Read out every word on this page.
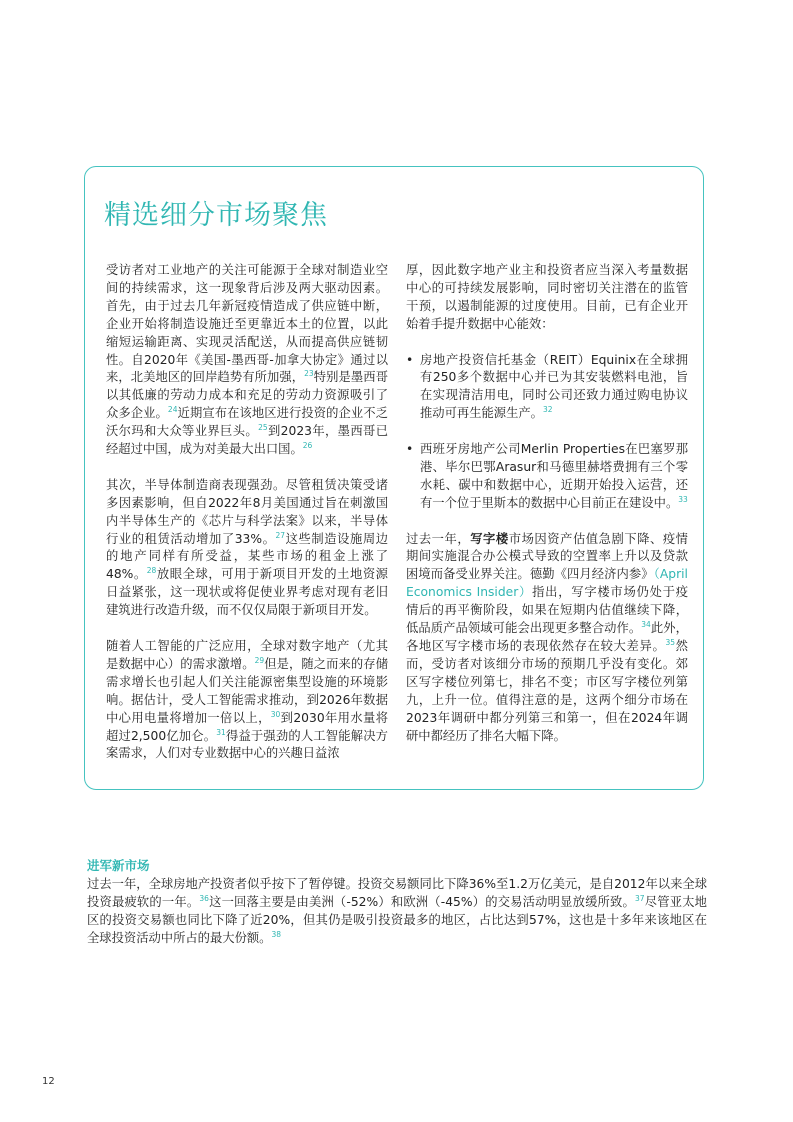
精选细分市场聚焦

受访者对工业地产的关注可能源于全球对制造业空间的持续需求，这一现象背后涉及两大驱动因素。首先，由于过去几年新冠疫情造成了供应链中断，企业开始将制造设施迁至更靠近本土的位置，以此缩短运输距离、实现灵活配送，从而提高供应链韧性。自2020年《美国-墨西哥-加拿大协定》通过以来，北美地区的回岸趋势有所加强，$^{23}$特别是墨西哥以其低廉的劳动力成本和充足的劳动力资源吸引了众多企业。$^{24}$近期宣布在该地区进行投资的企业不乏沃尔玛和大众等业界巨头。$^{25}$到2023年，墨西哥已经超过中国，成为对美最大出口国。$^{26}$

其次，半导体制造商表现强劲。尽管租赁决策受诸多因素影响，但自2022年8月美国通过旨在刺激国内半导体生产的《芯片与科学法案》以来，半导体行业的租赁活动增加了33%。$^{27}$这些制造设施周边的地产同样有所受益，某些市场的租金上涨了48%。$^{28}$放眼全球，可用于新项目开发的土地资源日益紧张，这一现状或将促使业界考虑对现有老旧建筑进行改造升级，而不仅仅局限于新项目开发。

随着人工智能的广泛应用，全球对数字地产（尤其是数据中心）的需求激增。$^{29}$但是，随之而来的存储需求增长也引起人们关注能源密集型设施的环境影响。据估计，受人工智能需求推动，到2026年数据中心用电量将增加一倍以上，$^{30}$到2030年用水量将超过2,500亿加仑。$^{31}$得益于强劲的人工智能解决方案需求，人们对专业数据中心的兴趣日益浓

厚，因此数字地产业主和投资者应当深入考量数据中心的可持续发展影响，同时密切关注潜在的监管干预，以遏制能源的过度使用。目前，已有企业开始着手提升数据中心能效：

• 房地产投资信托基金（REIT）Equinix在全球拥有250多个数据中心并已为其安装燃料电池，旨在实现清洁用电，同时公司还致力通过购电协议推动可再生能源生产。$^{32}$
• 西班牙房地产公司Merlin Properties在巴塞罗那港、毕尔巴鄂Arasur和马德里赫塔费拥有三个零水耗、碳中和数据中心，近期开始投入运营，还有一个位于里斯本的数据中心目前正在建设中。$^{33}$

过去一年，写字楼市场因资产估值急剧下降、疫情期间实施混合办公模式导致的空置率上升以及贷款困境而备受业界关注。德勤《四月经济内参》（April Economics Insider）指出，写字楼市场仍处于疫情后的再平衡阶段，如果在短期内估值继续下降，低品质产品领域可能会出现更多整合动作。$^{34}$此外，各地区写字楼市场的表现依然存在较大差异。$^{35}$然而，受访者对该细分市场的预期几乎没有变化。郊区写字楼位列第七，排名不变；市区写字楼位列第九，上升一位。值得注意的是，这两个细分市场在2023年调研中都分列第三和第一，但在2024年调研中都经历了排名大幅下降。

进军新市场

过去一年，全球房地产投资者似乎按下了暂停键。投资交易额同比下降36%至1.2万亿美元，是自2012年以来全球投资最疲软的一年。$^{36}$这一回落主要是由美洲（-52%）和欧洲（-45%）的交易活动明显放缓所致。$^{37}$尽管亚太地区的投资交易额也同比下降了近20%，但其仍是吸引投资最多的地区，占比达到57%，这也是十多年来该地区在全球投资活动中所占的最大份额。$^{38}$

12
